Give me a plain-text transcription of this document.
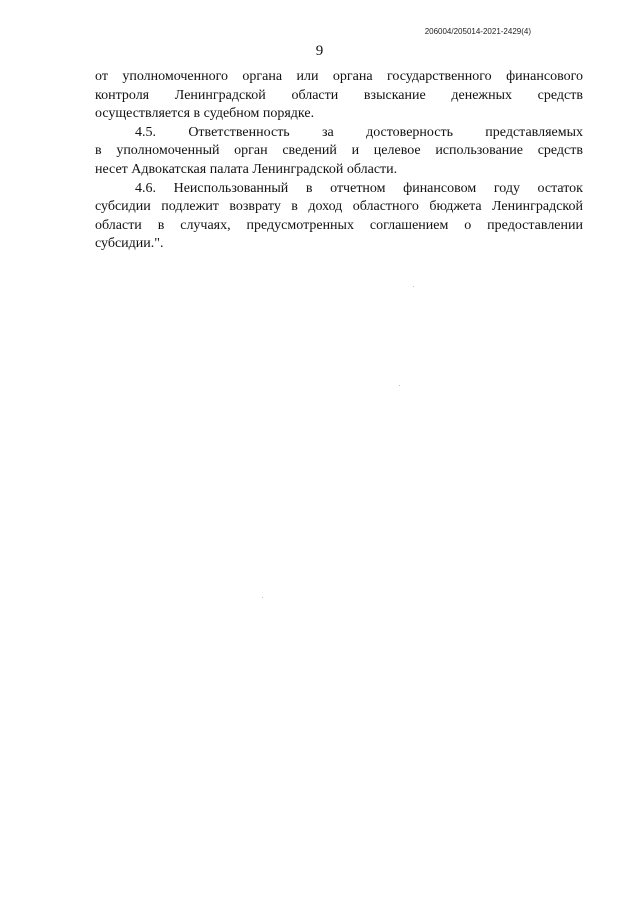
206004/205014-2021-2429(4)
9
от уполномоченного органа или органа государственного финансового
контроля Ленинградской области взыскание денежных средств
осуществляется в судебном порядке.
4.5. Ответственность за достоверность представляемых
в уполномоченный орган сведений и целевое использование средств
несет Адвокатская палата Ленинградской области.
4.6. Неиспользованный в отчетном финансовом году остаток
субсидии подлежит возврату в доход областного бюджета Ленинградской
области в случаях, предусмотренных соглашением о предоставлении
субсидии.".
